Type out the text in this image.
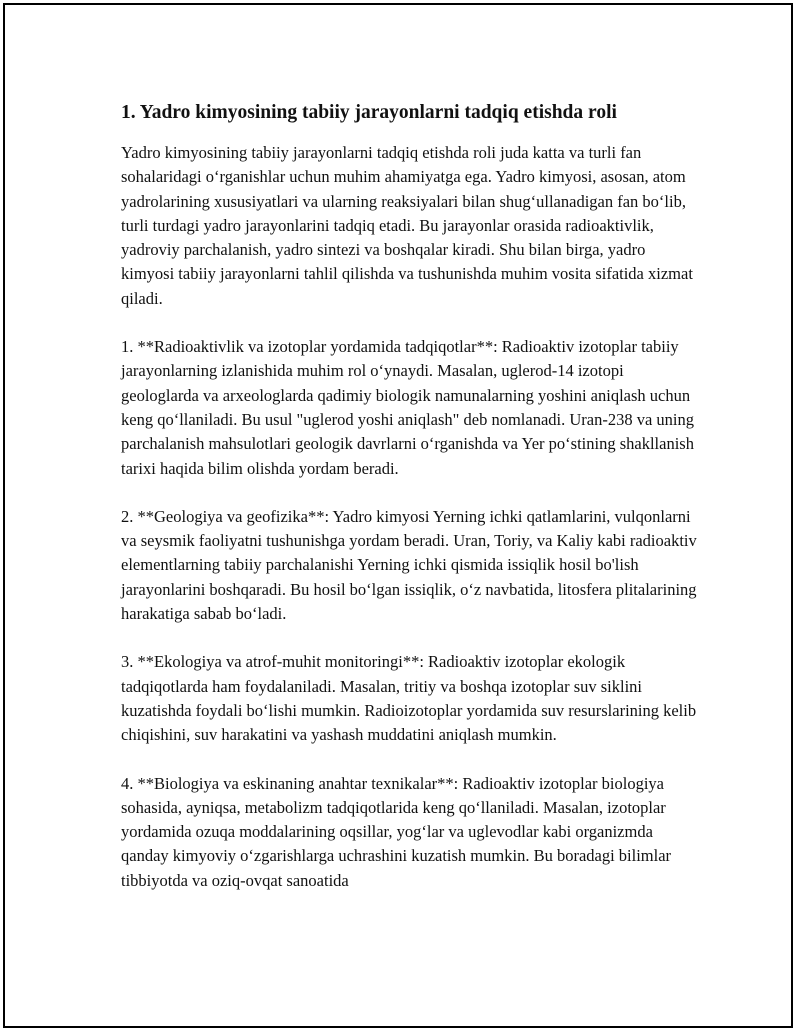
1. Yadro kimyosining tabiiy jarayonlarni tadqiq etishda roli

Yadro kimyosining tabiiy jarayonlarni tadqiq etishda roli juda katta va turli fan sohalaridagi oʻrganishlar uchun muhim ahamiyatga ega. Yadro kimyosi, asosan, atom yadrolarining xususiyatlari va ularning reaksiyalari bilan shugʻullanadigan fan boʻlib, turli turdagi yadro jarayonlarini tadqiq etadi. Bu jarayonlar orasida radioaktivlik, yadroviy parchalanish, yadro sintezi va boshqalar kiradi. Shu bilan birga, yadro kimyosi tabiiy jarayonlarni tahlil qilishda va tushunishda muhim vosita sifatida xizmat qiladi.

1. **Radioaktivlik va izotoplar yordamida tadqiqotlar**: Radioaktiv izotoplar tabiiy jarayonlarning izlanishida muhim rol oʻynaydi. Masalan, uglerod-14 izotopi geologlarda va arxeologlarda qadimiy biologik namunalarning yoshini aniqlash uchun keng qoʻllaniladi. Bu usul "uglerod yoshi aniqlash" deb nomlanadi. Uran-238 va uning parchalanish mahsulotlari geologik davrlarni oʻrganishda va Yer poʻstining shakllanish tarixi haqida bilim olishda yordam beradi.

2. **Geologiya va geofizika**: Yadro kimyosi Yerning ichki qatlamlarini, vulqonlarni va seysmik faoliyatni tushunishga yordam beradi. Uran, Toriy, va Kaliy kabi radioaktiv elementlarning tabiiy parchalanishi Yerning ichki qismida issiqlik hosil bo'lish jarayonlarini boshqaradi. Bu hosil boʻlgan issiqlik, oʻz navbatida, litosfera plitalarining harakatiga sabab boʻladi.

3. **Ekologiya va atrof-muhit monitoringi**: Radioaktiv izotoplar ekologik tadqiqotlarda ham foydalaniladi. Masalan, tritiy va boshqa izotoplar suv siklini kuzatishda foydali boʻlishi mumkin. Radioizotoplar yordamida suv resurslarining kelib chiqishini, suv harakatini va yashash muddatini aniqlash mumkin.

4. **Biologiya va eskinaning anahtar texnikalar**: Radioaktiv izotoplar biologiya sohasida, ayniqsa, metabolizm tadqiqotlarida keng qoʻllaniladi. Masalan, izotoplar yordamida ozuqa moddalarining oqsillar, yogʻlar va uglevodlar kabi organizmda qanday kimyoviy oʻzgarishlarga uchrashini kuzatish mumkin. Bu boradagi bilimlar tibbiyotda va oziq-ovqat sanoatida
